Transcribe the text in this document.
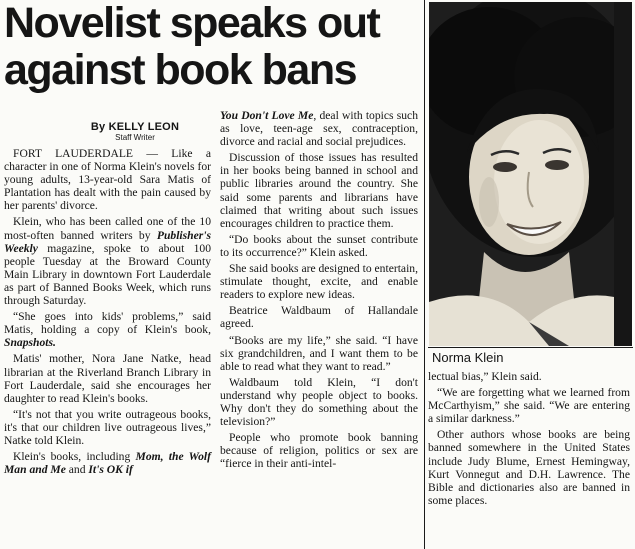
Novelist speaks out against book bans
By KELLY LEON
Staff Writer

FORT LAUDERDALE — Like a character in one of Norma Klein's novels for young adults, 13-year-old Sara Matis of Plantation has dealt with the pain caused by her parents' divorce.

Klein, who has been called one of the 10 most-often banned writers by Publisher's Weekly magazine, spoke to about 100 people Tuesday at the Broward County Main Library in downtown Fort Lauderdale as part of Banned Books Week, which runs through Saturday.

“She goes into kids' problems,” said Matis, holding a copy of Klein's book, Snapshots.

Matis' mother, Nora Jane Natke, head librarian at the Riverland Branch Library in Fort Lauderdale, said she encourages her daughter to read Klein's books.

“It's not that you write outrageous books, it's that our children live outrageous lives,” Natke told Klein.

Klein's books, including Mom, the Wolf Man and Me and It's OK if

You Don't Love Me, deal with topics such as love, teen-age sex, contraception, divorce and racial and social prejudices.

Discussion of those issues has resulted in her books being banned in school and public libraries around the country. She said some parents and librarians have claimed that writing about such issues encourages children to practice them.

“Do books about the sunset contribute to its occurrence?” Klein asked.

She said books are designed to entertain, stimulate thought, excite, and enable readers to explore new ideas.

Beatrice Waldbaum of Hallandale agreed.

“Books are my life,” she said. “I have six grandchildren, and I want them to be able to read what they want to read.”

Waldbaum told Klein, “I don't understand why people object to books. Why don't they do something about the television?”

People who promote book banning because of religion, politics or sex are “fierce in their anti-intel-

Norma Klein

lectual bias,” Klein said.

“We are forgetting what we learned from McCarthyism,” she said. “We are entering a similar darkness.”

Other authors whose books are being banned somewhere in the United States include Judy Blume, Ernest Hemingway, Kurt Vonnegut and D.H. Lawrence. The Bible and dictionaries also are banned in some places.
